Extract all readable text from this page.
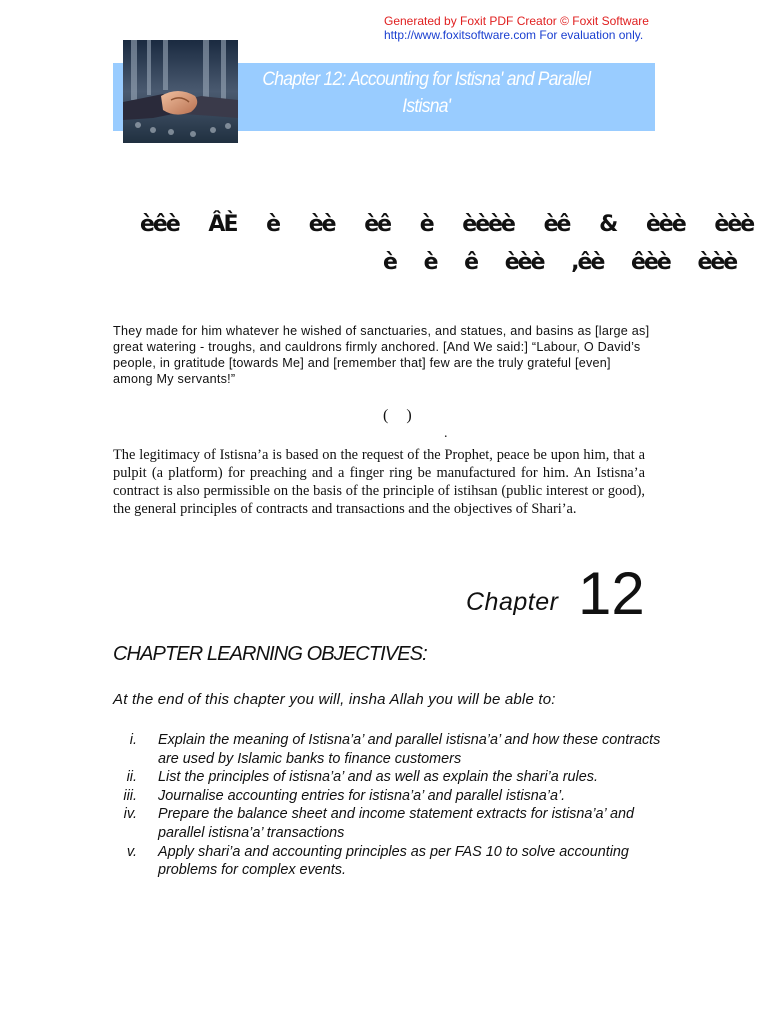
Generated by Foxit PDF Creator © Foxit Software
http://www.foxitsoftware.com For evaluation only.
Chapter 12: Accounting for Istisna' and Parallel
Istisna'
èêè ÂÈ è èè èê è èèèè èê & èèè èèè
è è ê èèè ,êè êèè èèè
They made for him whatever he wished of sanctuaries, and statues, and basins as [large as] great watering - troughs, and cauldrons firmly anchored. [And We said:] “Labour, O David’s people, in gratitude [towards Me] and [remember that] few are the truly grateful [even] among My servants!”
( )
.
The legitimacy of Istisna’a is based on the request of the Prophet, peace be upon him, that a pulpit (a platform) for preaching and a finger ring be manufactured for him. An Istisna’a contract is also permissible on the basis of the principle of istihsan (public interest or good), the general principles of contracts and transactions and the objectives of Shari’a.
Chapter 12
CHAPTER LEARNING OBJECTIVES:
At the end of this chapter you will, insha Allah you will be able to:
i. Explain the meaning of Istisna’a’ and parallel istisna’a’ and how these contracts are used by Islamic banks to finance customers
ii. List the principles of istisna’a’ and as well as explain the shari’a rules.
iii. Journalise accounting entries for istisna’a’ and parallel istisna’a’.
iv. Prepare the balance sheet and income statement extracts for istisna’a’ and parallel istisna’a’ transactions
v. Apply shari’a and accounting principles as per FAS 10 to solve accounting problems for complex events.
